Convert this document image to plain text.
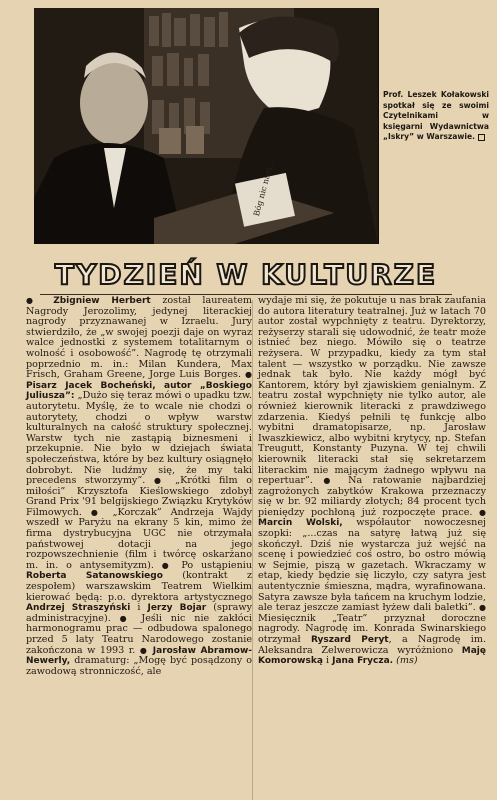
Bóg nic nam...
Prof. Leszek Kołakowski spotkał się ze swoimi Czytelnikami w księgarni Wydawnictwa „Iskry” w Warszawie.
TYDZIEŃ W KULTURZE

● Zbigniew Herbert został laureatem Nagrody Jerozolimy, jedynej literackiej nagrody przyznawanej w Izraelu. Jury stwierdziło, że „w swojej poezji daje on wyraz walce jednostki z systemem totalitarnym o wolność i osobowość”. Nagrodę tę otrzymali poprzednio m. in.: Milan Kundera, Max Frisch, Graham Greene, Jorge Luis Borges. ● Pisarz Jacek Bocheński, autor „Boskiego Juliusza”: „Dużo się teraz mówi o upadku tzw. autorytetu. Myślę, że to wcale nie chodzi o autorytety, chodzi o wpływ warstw kulturalnych na całość struktury społecznej. Warstw tych nie zastąpią biznesmeni i przekupnie. Nie było w dziejach świata społeczeństwa, które by bez kultury osiągnęło dobrobyt. Nie ludźmy się, że my taki precedens stworzymy”. ● „Krótki film o miłości” Krzysztofa Kieślowskiego zdobył Grand Prix '91 belgijskiego Związku Krytyków Filmowych. ● „Korczak” Andrzeja Wajdy wszedł w Paryżu na ekrany 5 kin, mimo że firma dystrybucyjna UGC nie otrzymała państwowej dotacji na jego rozpowszechnienie (film i twórcę oskarżano m. in. o antysemityzm). ● Po ustąpieniu Roberta Satanowskiego (kontrakt z zespołem) warszawskim Teatrem Wielkim kierować będą: p.o. dyrektora artystycznego Andrzej Straszyński i Jerzy Bojar (sprawy administracyjne). ● Jeśli nic nie zakłóci harmonogramu prac — odbudowa spalonego przed 5 laty Teatru Narodowego zostanie zakończona w 1993 r. ● Jarosław Abramow-Newerly, dramaturg: „Mogę być posądzony o zawodową stronniczość, ale

wydaje mi się, że pokutuje u nas brak zaufania do autora literatury teatralnej. Już w latach 70 autor został wypchnięty z teatru. Dyrektorzy, reżyserzy starali się udowodnić, że teatr może istnieć bez niego. Mówiło się o teatrze reżysera. W przypadku, kiedy za tym stał talent — wszystko w porządku. Nie zawsze jednak tak było. Nie każdy mógł być Kantorem, który był zjawiskiem genialnym. Z teatru został wypchnięty nie tylko autor, ale również kierownik literacki z prawdziwego zdarzenia. Kiedyś pełnili tę funkcję albo wybitni dramatopisarze, np. Jarosław Iwaszkiewicz, albo wybitni krytycy, np. Stefan Treugutt, Konstanty Puzyna. W tej chwili kierownik literacki stał się sekretarzem literackim nie mającym żadnego wpływu na repertuar”. ● Na ratowanie najbardziej zagrożonych zabytków Krakowa przeznaczy się w br. 92 miliardy złotych; 84 procent tych pieniędzy pochłoną już rozpoczęte prace. ● Marcin Wolski, współautor nowoczesnej szopki: „...czas na satyrę łatwą już się skończył. Dziś nie wystarcza już wejść na scenę i powiedzieć coś ostro, bo ostro mówią w Sejmie, piszą w gazetach. Wkraczamy w etap, kiedy będzie się liczyło, czy satyra jest autentycznie śmieszna, mądra, wyrafinowana. Satyra zawsze była tańcem na kruchym lodzie, ale teraz jeszcze zamiast łyżew dali baletki”. ● Miesięcznik „Teatr” przyznał doroczne nagrody. Nagrodę im. Konrada Swinarskiego otrzymał Ryszard Peryt, a Nagrodę im. Aleksandra Zelwerowicza wyróżniono Maję Komorowską i Jana Frycza. (ms)
